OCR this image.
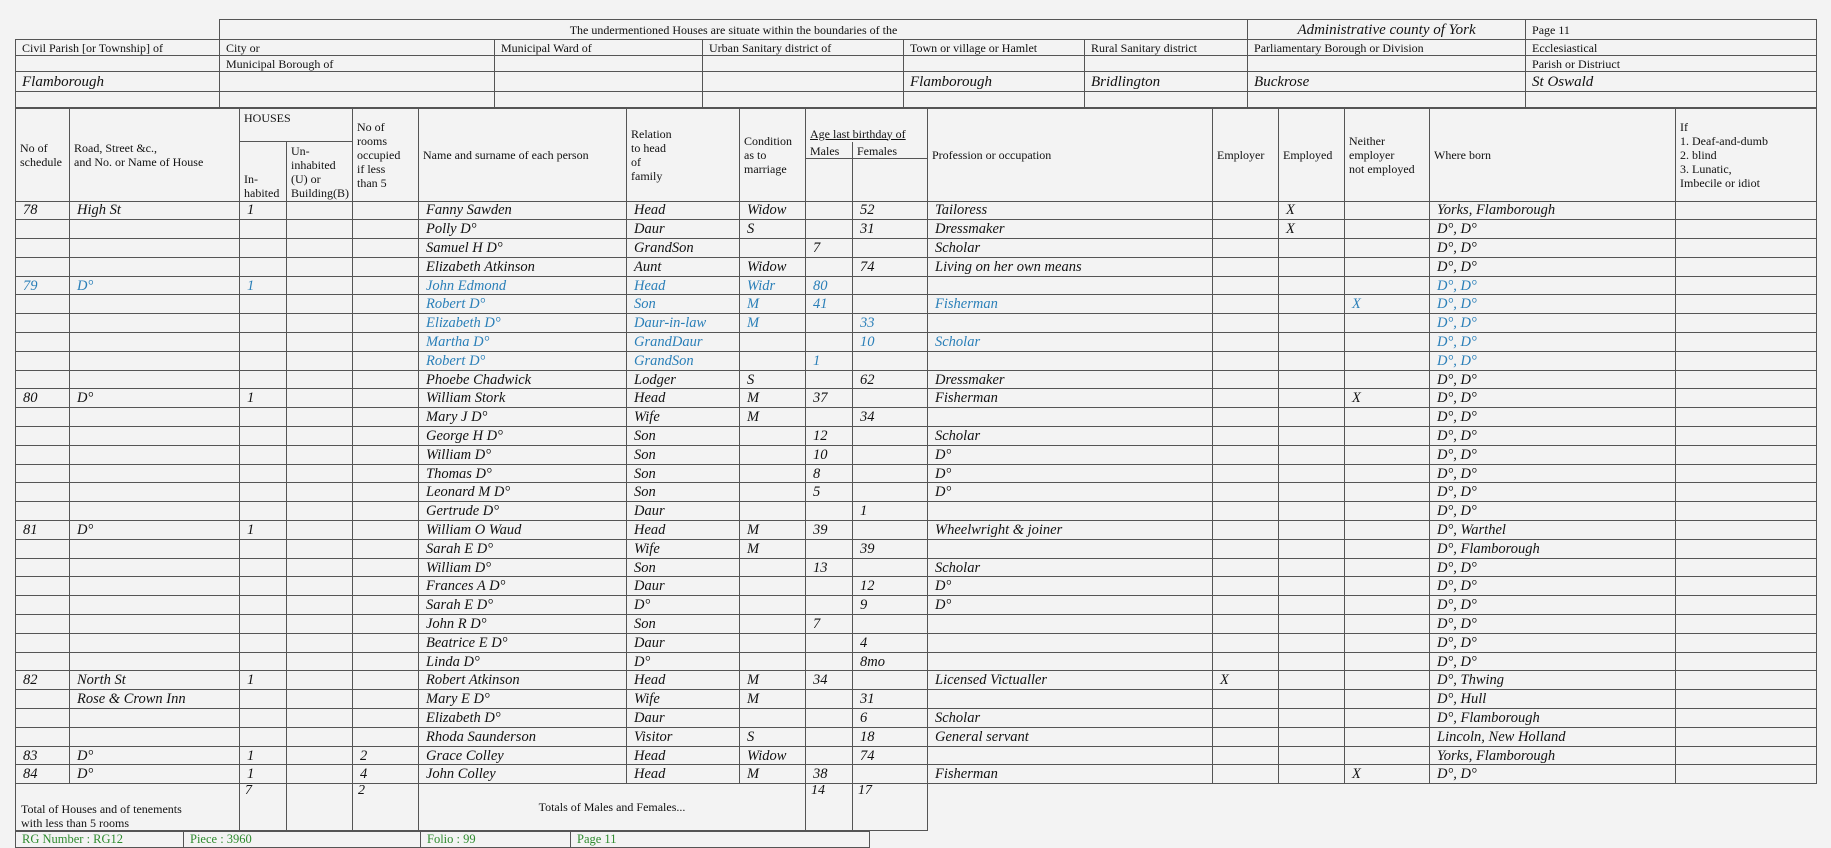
	The undermentioned Houses are situate within the boundaries of the					Administrative county of York	Page 11
Civil Parish [or Township] of	City or	Municipal Ward of	Urban Sanitary district of	Town or village or Hamlet	Rural Sanitary district	Parliamentary Borough or Division	Ecclesiastical
	Municipal Borough of						Parish or Distriuct
Flamborough				Flamborough	Bridlington	Buckrose	St Oswald

No of
schedule	Road, Street &c.,
and No. or Name of House	HOUSES		No of
rooms
occupied
if less
than 5	Name and surname of each person	Relation
to head
of
family	Condition
as to
marriage	Age last birthday of		Profession or occupation	Employer	Employed	Neither
employer
not employed	Where born	If
1. Deaf-and-dumb
2. blind
3. Lunatic,
Imbecile or idiot
		In-
habited	Un-
inhabited
(U) or
Building(B)					Males	Females						

78	High St	1			Fanny Sawden	Head	Widow		52	Tailoress		X		Yorks, Flamborough	
					Polly D°	Daur	S		31	Dressmaker		X		D°, D°	
					Samuel H D°	GrandSon		7		Scholar				D°, D°	
					Elizabeth Atkinson	Aunt	Widow		74	Living on her own means				D°, D°	
79	D°	1			John Edmond	Head	Widr	80						D°, D°	
					Robert D°	Son	M	41		Fisherman			X	D°, D°	
					Elizabeth D°	Daur-in-law	M		33					D°, D°	
					Martha D°	GrandDaur			10	Scholar				D°, D°	
					Robert D°	GrandSon		1						D°, D°	
					Phoebe Chadwick	Lodger	S		62	Dressmaker				D°, D°	
80	D°	1			William Stork	Head	M	37		Fisherman			X	D°, D°	
					Mary J D°	Wife	M		34					D°, D°	
					George H D°	Son		12		Scholar				D°, D°	
					William D°	Son		10		D°				D°, D°	
					Thomas D°	Son		8		D°				D°, D°	
					Leonard M D°	Son		5		D°				D°, D°	
					Gertrude D°	Daur			1					D°, D°	
81	D°	1			William O Waud	Head	M	39		Wheelwright & joiner				D°, Warthel	
					Sarah E D°	Wife	M		39					D°, Flamborough	
					William D°	Son		13		Scholar				D°, D°	
					Frances A D°	Daur			12	D°				D°, D°	
					Sarah E D°	D°			9	D°				D°, D°	
					John R D°	Son		7						D°, D°	
					Beatrice E D°	Daur			4					D°, D°	
					Linda D°	D°			8mo					D°, D°	
82	North St	1			Robert Atkinson	Head	M	34		Licensed Victualler	X			D°, Thwing	
	Rose & Crown Inn				Mary E D°	Wife	M		31					D°, Hull	
					Elizabeth D°	Daur			6	Scholar				D°, Flamborough	
					Rhoda Saunderson	Visitor	S		18	General servant				Lincoln, New Holland	
83	D°	1		2	Grace Colley	Head	Widow		74					Yorks, Flamborough	
84	D°	1		4	John Colley	Head	M	38		Fisherman			X	D°, D°	
Total of Houses and of tenements
with less than 5 rooms		7		2	Totals of Males and Females...			14	17						

RG Number : RG12	Piece : 3960	Folio : 99	Page 11
